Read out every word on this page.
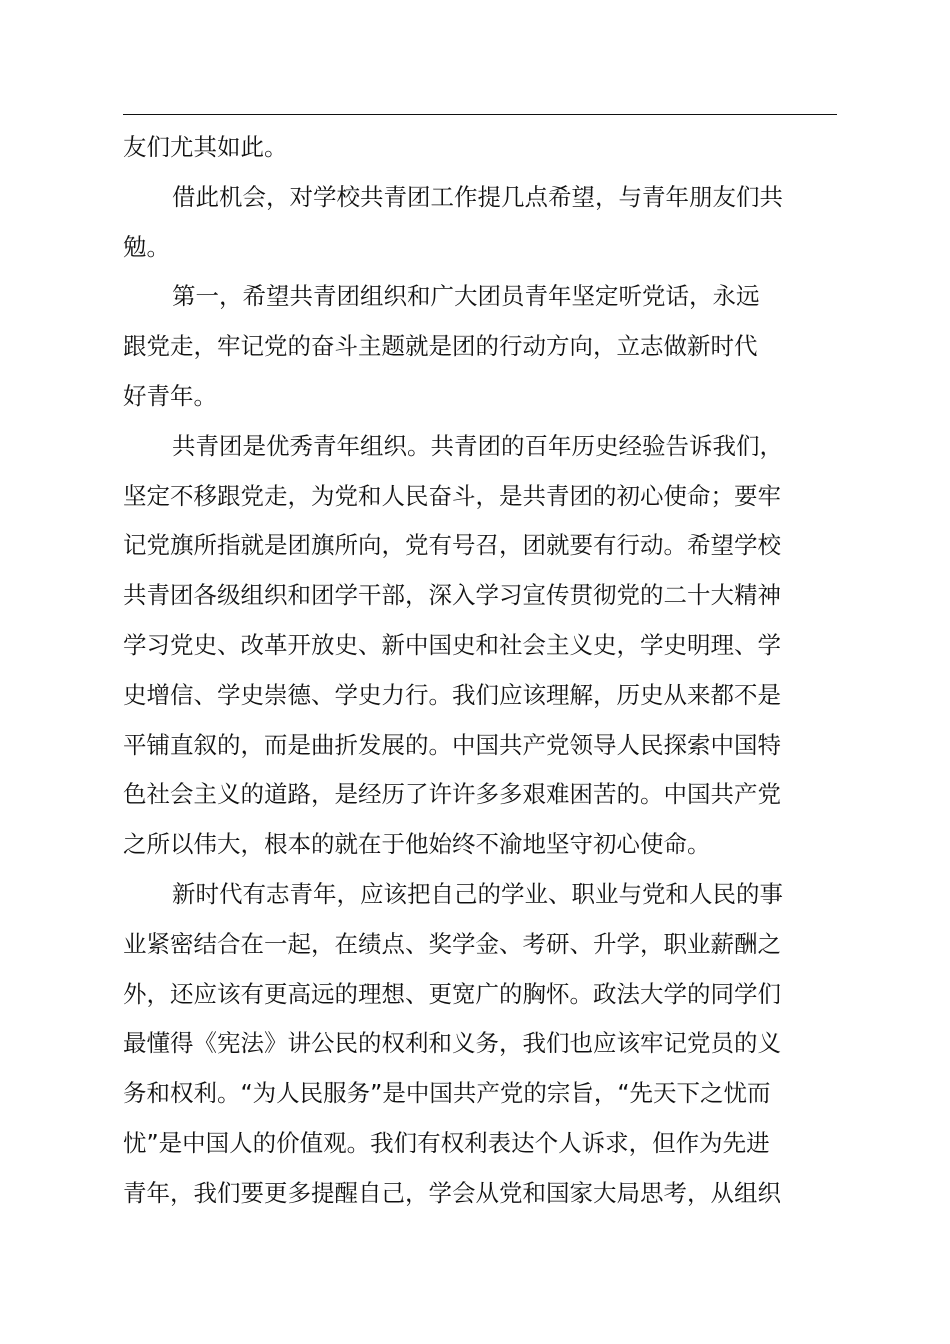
友们尤其如此。
借此机会，对学校共青团工作提几点希望，与青年朋友们共
勉。
第一，希望共青团组织和广大团员青年坚定听党话，永远
跟党走，牢记党的奋斗主题就是团的行动方向，立志做新时代
好青年。
共青团是优秀青年组织。共青团的百年历史经验告诉我们，
坚定不移跟党走，为党和人民奋斗，是共青团的初心使命；要牢
记党旗所指就是团旗所向，党有号召，团就要有行动。希望学校
共青团各级组织和团学干部，深入学习宣传贯彻党的二十大精神
学习党史、改革开放史、新中国史和社会主义史，学史明理、学
史增信、学史崇德、学史力行。我们应该理解，历史从来都不是
平铺直叙的，而是曲折发展的。中国共产党领导人民探索中国特
色社会主义的道路，是经历了许许多多艰难困苦的。中国共产党
之所以伟大，根本的就在于他始终不渝地坚守初心使命。
新时代有志青年，应该把自己的学业、职业与党和人民的事
业紧密结合在一起，在绩点、奖学金、考研、升学，职业薪酬之
外，还应该有更高远的理想、更宽广的胸怀。政法大学的同学们
最懂得《宪法》讲公民的权利和义务，我们也应该牢记党员的义
务和权利。“为人民服务”是中国共产党的宗旨，“先天下之忧而
忧”是中国人的价值观。我们有权利表达个人诉求，但作为先进
青年，我们要更多提醒自己，学会从党和国家大局思考，从组织
